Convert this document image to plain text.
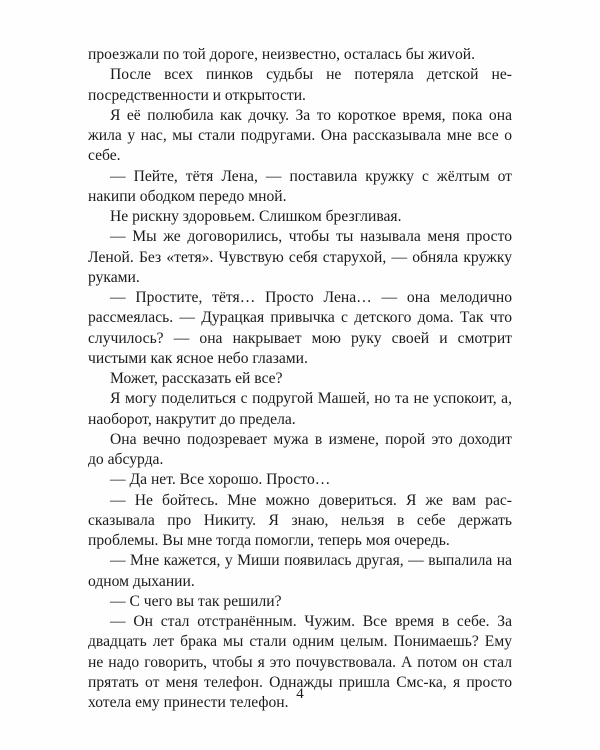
проезжали по той дороге, неизвестно, осталась бы жиvой.

После всех пинков судьбы не потеряла детской непосредственности и открытости.

Я её полюбила как дочку. За то короткое время, пока она жила у нас, мы стали подругами. Она рассказывала мне все о себе.

— Пейте, тётя Лена, — поставила кружку с жёлтым от накипи ободком передо мной.

Не рискну здоровьем. Слишком брезгливая.

— Мы же договорились, чтобы ты называла меня просто Леной. Без «тетя». Чувствую себя старухой, — обняла кружку руками.

— Простите, тётя… Просто Лена… — она мелодично рассмеялась. — Дурацкая привычка с детского дома. Так что случилось? — она накрывает мою руку своей и смотрит чистыми как ясное небо глазами.

Может, рассказать ей все?

Я могу поделиться с подругой Машей, но та не успокоит, а, наоборот, накрутит до предела.

Она вечно подозревает мужа в измене, порой это доходит до абсурда.

— Да нет. Все хорошо. Просто…

— Не бойтесь. Мне можно довериться. Я же вам рассказывала про Никиту. Я знаю, нельзя в себе держать проблемы. Вы мне тогда помогли, теперь моя очередь.

— Мне кажется, у Миши появилась другая, — выпалила на одном дыхании.

— С чего вы так решили?

— Он стал отстранённым. Чужим. Все время в себе. За двадцать лет брака мы стали одним целым. Понимаешь? Ему не надо говорить, чтобы я это почувствовала. А потом он стал прятать от меня телефон. Однажды пришла Смс-ка, я просто хотела ему принести телефон. 4
